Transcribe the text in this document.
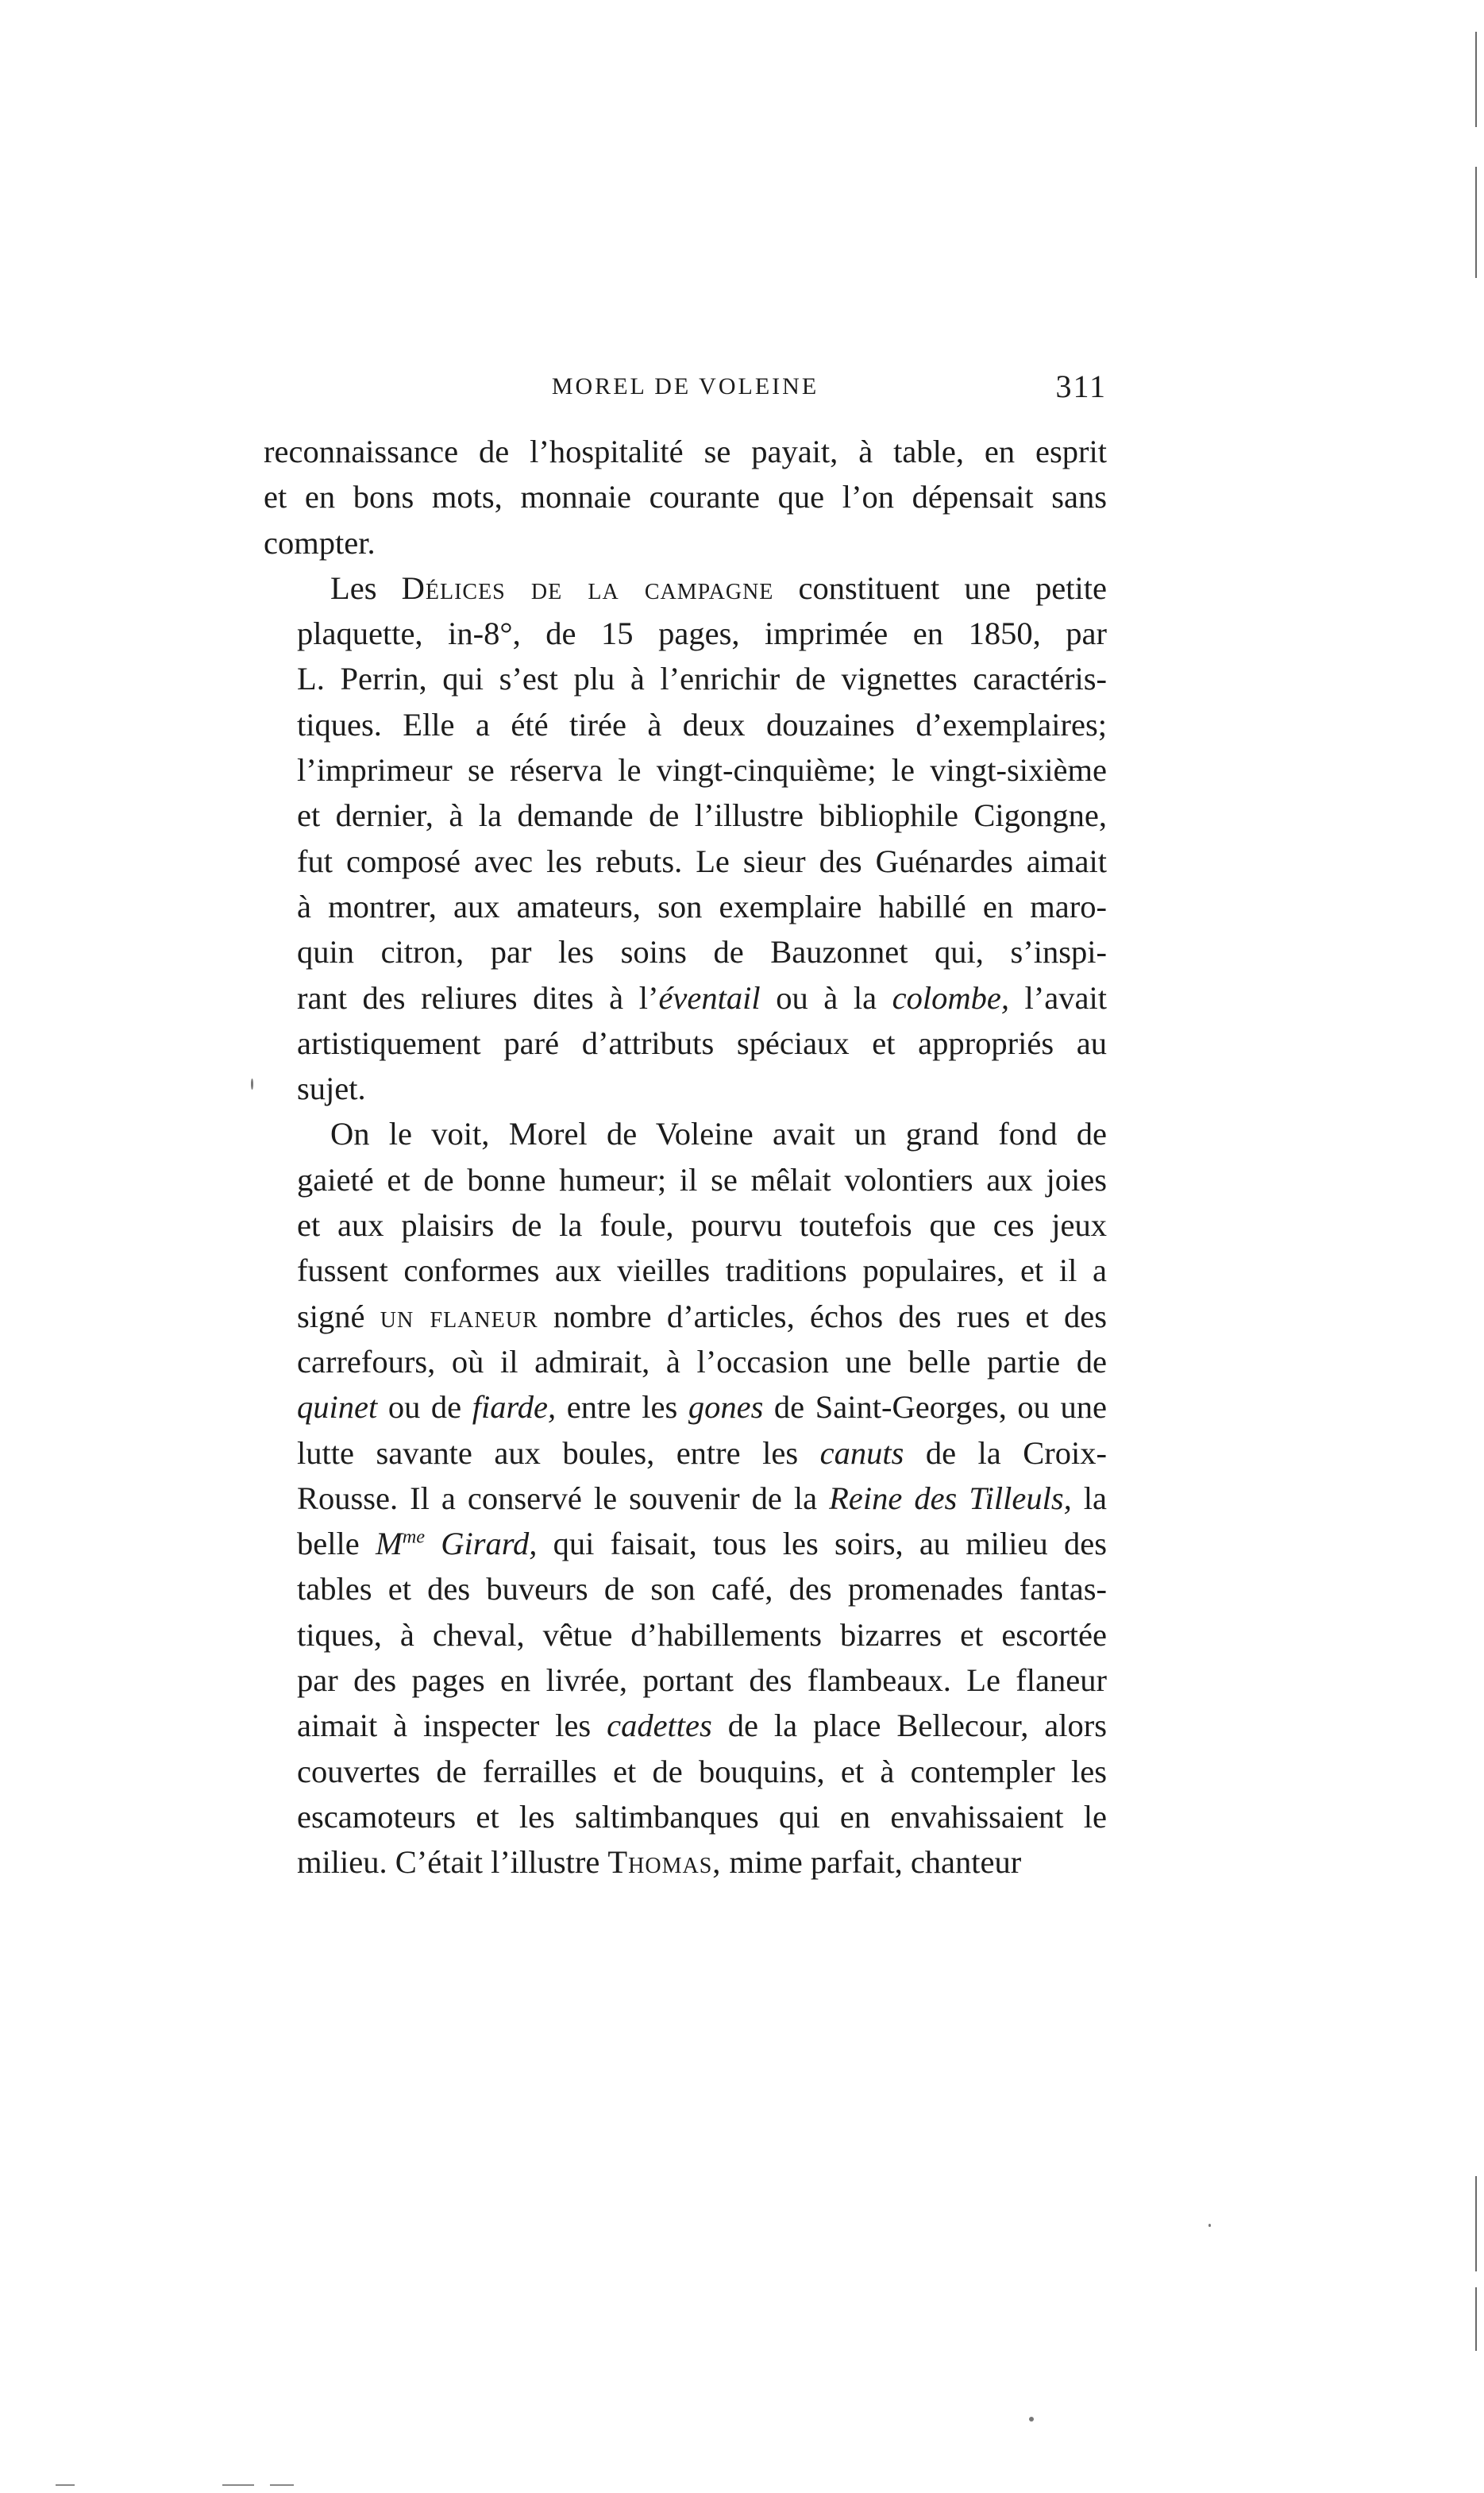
MOREL DE VOLEINE	311
reconnaissance de l’hospitalité se payait, à table, en esprit
et en bons mots, monnaie courante que l’on dépensait sans
compter.
Les Délices de la campagne constituent une petite
plaquette, in-8°, de 15 pages, imprimée en 1850, par
L. Perrin, qui s’est plu à l’enrichir de vignettes caractéris-
tiques. Elle a été tirée à deux douzaines d’exemplaires;
l’imprimeur se réserva le vingt-cinquième; le vingt-sixième
et dernier, à la demande de l’illustre bibliophile Cigongne,
fut composé avec les rebuts. Le sieur des Guénardes aimait
à montrer, aux amateurs, son exemplaire habillé en maro-
quin citron, par les soins de Bauzonnet qui, s’inspi-
rant des reliures dites à l’éventail ou à la colombe, l’avait
artistiquement paré d’attributs spéciaux et appropriés au
sujet.
On le voit, Morel de Voleine avait un grand fond de
gaieté et de bonne humeur; il se mêlait volontiers aux joies
et aux plaisirs de la foule, pourvu toutefois que ces jeux
fussent conformes aux vieilles traditions populaires, et il a
signé un flaneur nombre d’articles, échos des rues et des
carrefours, où il admirait, à l’occasion une belle partie de
quinet ou de fiarde, entre les gones de Saint-Georges, ou une
lutte savante aux boules, entre les canuts de la Croix-
Rousse. Il a conservé le souvenir de la Reine des Tilleuls, la
belle $M^{me}$ Girard, qui faisait, tous les soirs, au milieu des
tables et des buveurs de son café, des promenades fantas-
tiques, à cheval, vêtue d’habillements bizarres et escortée
par des pages en livrée, portant des flambeaux. Le flaneur
aimait à inspecter les cadettes de la place Bellecour, alors
couvertes de ferrailles et de bouquins, et à contempler les
escamoteurs et les saltimbanques qui en envahissaient le
milieu. C’était l’illustre Thomas, mime parfait, chanteur
